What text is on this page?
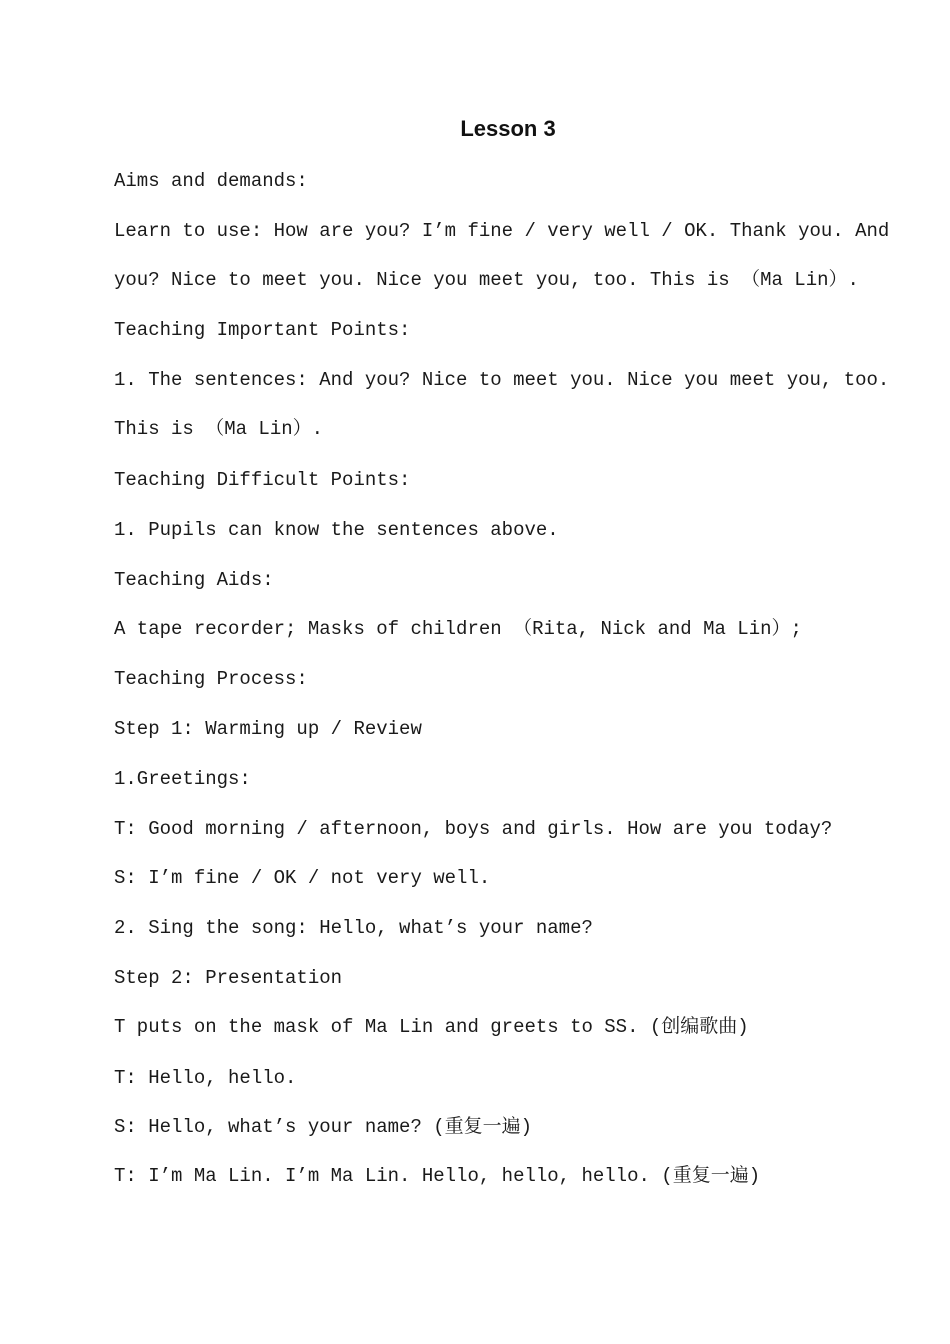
Lesson 3

Aims and demands:

Learn to use: How are you? I’m fine / very well / OK. Thank you. And

you? Nice to meet you. Nice you meet you, too. This is （Ma Lin）.

Teaching Important Points:

1. The sentences: And you? Nice to meet you. Nice you meet you, too.

This is （Ma Lin）.

Teaching Difficult Points:

1. Pupils can know the sentences above.

Teaching Aids:

A tape recorder; Masks of children （Rita, Nick and Ma Lin）;

Teaching Process:

Step 1: Warming up / Review

1.Greetings:

T: Good morning / afternoon, boys and girls. How are you today?

S: I’m fine / OK / not very well.

2. Sing the song: Hello, what’s your name?

Step 2: Presentation

T puts on the mask of Ma Lin and greets to SS. (创编歌曲)

T: Hello, hello.

S: Hello, what’s your name? (重复一遍)

T: I’m Ma Lin. I’m Ma Lin. Hello, hello, hello. (重复一遍)
